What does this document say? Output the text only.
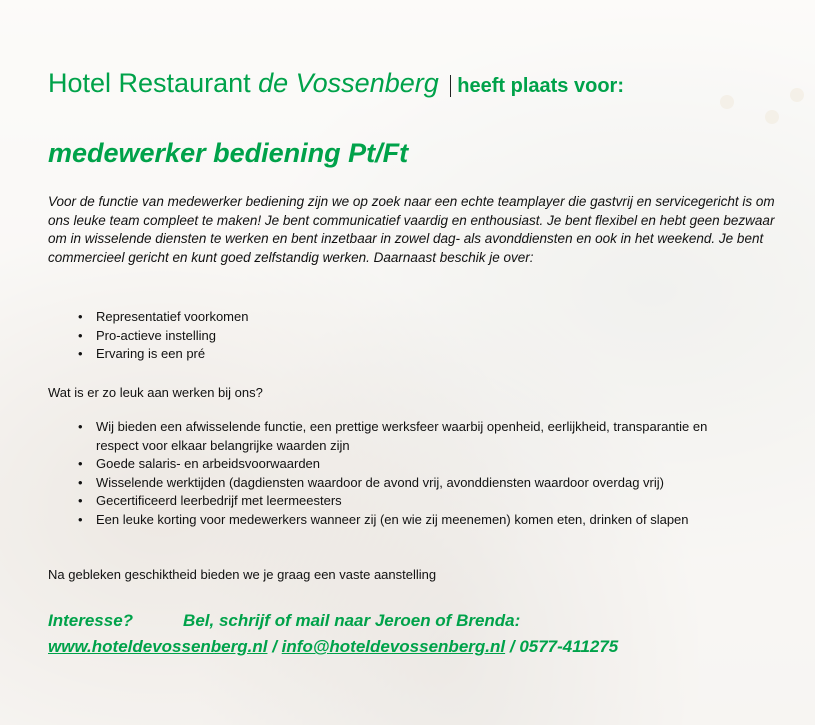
Hotel Restaurant de Vossenberg heeft plaats voor:
medewerker bediening Pt/Ft
Voor de functie van medewerker bediening zijn we op zoek naar een echte teamplayer die gastvrij en servicegericht is om ons leuke team compleet te maken! Je bent communicatief vaardig en enthousiast. Je bent flexibel en hebt geen bezwaar om in wisselende diensten te werken en bent inzetbaar in zowel dag- als avonddiensten en ook in het weekend. Je bent commercieel gericht en kunt goed zelfstandig werken. Daarnaast beschik je over:
• Representatief voorkomen
• Pro-actieve instelling
• Ervaring is een pré
Wat is er zo leuk aan werken bij ons?
• Wij bieden een afwisselende functie, een prettige werksfeer waarbij openheid, eerlijkheid, transparantie en respect voor elkaar belangrijke waarden zijn
• Goede salaris- en arbeidsvoorwaarden
• Wisselende werktijden (dagdiensten waardoor de avond vrij, avonddiensten waardoor overdag vrij)
• Gecertificeerd leerbedrijf met leermeesters
• Een leuke korting voor medewerkers wanneer zij (en wie zij meenemen) komen eten, drinken of slapen
Na gebleken geschiktheid bieden we je graag een vaste aanstelling
Interesse?	Bel, schrijf of mail naar Jeroen of Brenda:
www.hoteldevossenberg.nl / info@hoteldevossenberg.nl / 0577-411275
